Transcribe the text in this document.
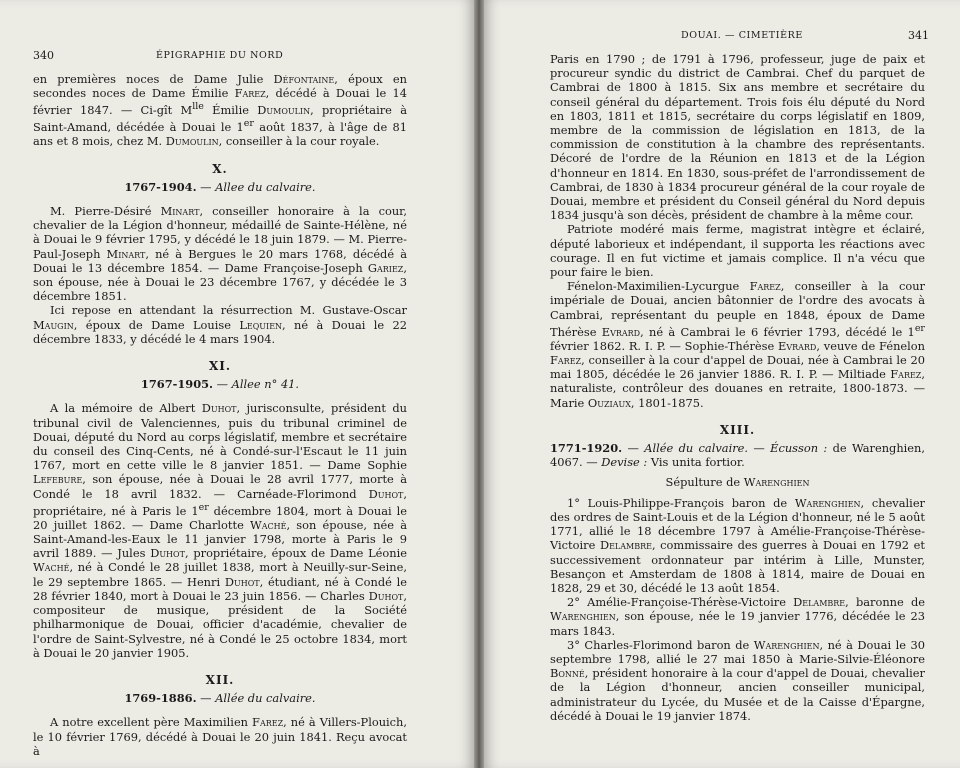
340	ÉPIGRAPHIE DU NORD

en premières noces de Dame Julie Défontaine, époux en secondes noces de Dame Émilie Farez, décédé à Douai le 14 février 1847. — Ci-gît $M^{lle}$ Émilie Dumoulin, propriétaire à Saint-Amand, décédée à Douai le 1er août 1837, à l'âge de 81 ans et 8 mois, chez M. Dumoulin, conseiller à la cour royale.

X.
1767-1904. — Allee du calvaire.

M. Pierre-Désiré Minart, conseiller honoraire à la cour, chevalier de la Légion d'honneur, médaillé de Sainte-Hélène, né à Douai le 9 février 1795, y décédé le 18 juin 1879. — M. Pierre-Paul-Joseph Minart, né à Bergues le 20 mars 1768, décédé à Douai le 13 décembre 1854. — Dame Françoise-Joseph Gariez, son épouse, née à Douai le 23 décembre 1767, y décédée le 3 décembre 1851.

Ici repose en attendant la résurrection M. Gustave-Oscar Maugin, époux de Dame Louise Lequien, né à Douai le 22 décembre 1833, y décédé le 4 mars 1904.

XI.
1767-1905. — Allee n° 41.

A la mémoire de Albert Duhot, jurisconsulte, président du tribunal civil de Valenciennes, puis du tribunal criminel de Douai, député du Nord au corps législatif, membre et secrétaire du conseil des Cinq-Cents, né à Condé-sur-l'Escaut le 11 juin 1767, mort en cette ville le 8 janvier 1851. — Dame Sophie Lefebure, son épouse, née à Douai le 28 avril 1777, morte à Condé le 18 avril 1832. — Carnéade-Florimond Duhot, propriétaire, né à Paris le 1er décembre 1804, mort à Douai le 20 juillet 1862. — Dame Charlotte Waché, son épouse, née à Saint-Amand-les-Eaux le 11 janvier 1798, morte à Paris le 9 avril 1889. — Jules Duhot, propriétaire, époux de Dame Léonie Waché, né à Condé le 28 juillet 1838, mort à Neuilly-sur-Seine, le 29 septembre 1865. — Henri Duhot, étudiant, né à Condé le 28 février 1840, mort à Douai le 23 juin 1856. — Charles Duhot, compositeur de musique, président de la Société philharmonique de Douai, officier d'académie, chevalier de l'ordre de Saint-Sylvestre, né à Condé le 25 octobre 1834, mort à Douai le 20 janvier 1905.

XII.
1769-1886. — Allée du calvaire.

A notre excellent père Maximilien Farez, né à Villers-Plouich, le 10 février 1769, décédé à Douai le 20 juin 1841. Reçu avocat à

DOUAI. — CIMETIÈRE	341

Paris en 1790 ; de 1791 à 1796, professeur, juge de paix et procureur syndic du district de Cambrai. Chef du parquet de Cambrai de 1800 à 1815. Six ans membre et secrétaire du conseil général du département. Trois fois élu député du Nord en 1803, 1811 et 1815, secrétaire du corps législatif en 1809, membre de la commission de législation en 1813, de la commission de constitution à la chambre des représentants. Décoré de l'ordre de la Réunion en 1813 et de la Légion d'honneur en 1814. En 1830, sous-préfet de l'arrondissement de Cambrai, de 1830 à 1834 procureur général de la cour royale de Douai, membre et président du Conseil général du Nord depuis 1834 jusqu'à son décès, président de chambre à la même cour.

Patriote modéré mais ferme, magistrat intègre et éclairé, député laborieux et indépendant, il supporta les réactions avec courage. Il en fut victime et jamais complice. Il n'a vécu que pour faire le bien.

Fénelon-Maximilien-Lycurgue Farez, conseiller à la cour impériale de Douai, ancien bâtonnier de l'ordre des avocats à Cambrai, représentant du peuple en 1848, époux de Dame Thérèse Evrard, né à Cambrai le 6 février 1793, décédé le 1er février 1862. R. I. P. — Sophie-Thérèse Evrard, veuve de Fénelon Farez, conseiller à la cour d'appel de Douai, née à Cambrai le 20 mai 1805, décédée le 26 janvier 1886. R. I. P. — Miltiade Farez, naturaliste, contrôleur des douanes en retraite, 1800-1873. — Marie Ouziaux, 1801-1875.

XIII.

1771-1920. — Allée du calvaire. — Écusson : de Warenghien, 4067. — Devise : Vis unita fortior.

Sépulture de Warenghien

1° Louis-Philippe-François baron de Warenghien, chevalier des ordres de Saint-Louis et de la Légion d'honneur, né le 5 août 1771, allié le 18 décembre 1797 à Amélie-Françoise-Thérèse-Victoire Delambre, commissaire des guerres à Douai en 1792 et successivement ordonnateur par intérim à Lille, Munster, Besançon et Amsterdam de 1808 à 1814, maire de Douai en 1828, 29 et 30, décédé le 13 août 1854.

2° Amélie-Françoise-Thérèse-Victoire Delambre, baronne de Warenghien, son épouse, née le 19 janvier 1776, décédée le 23 mars 1843.

3° Charles-Florimond baron de Warenghien, né à Douai le 30 septembre 1798, allié le 27 mai 1850 à Marie-Silvie-Éléonore Bonné, président honoraire à la cour d'appel de Douai, chevalier de la Légion d'honneur, ancien conseiller municipal, administrateur du Lycée, du Musée et de la Caisse d'Épargne, décédé à Douai le 19 janvier 1874.
